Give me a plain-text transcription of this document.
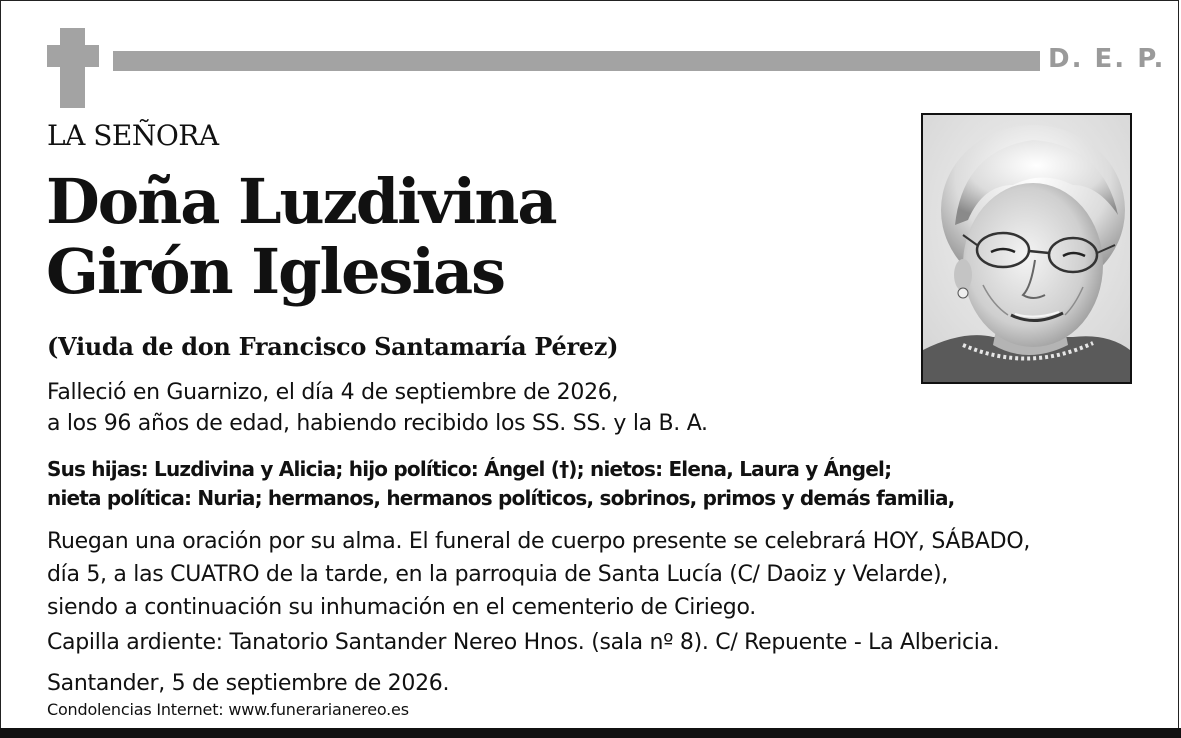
D. E. P.
LA SEÑORA
Doña Luzdivina
Girón Iglesias
(Viuda de don Francisco Santamaría Pérez)
Falleció en Guarnizo, el día 4 de septiembre de 2026,
a los 96 años de edad, habiendo recibido los SS. SS. y la B. A.
Sus hijas: Luzdivina y Alicia; hijo político: Ángel (†); nietos: Elena, Laura y Ángel;
nieta política: Nuria; hermanos, hermanos políticos, sobrinos, primos y demás familia,
Ruegan una oración por su alma. El funeral de cuerpo presente se celebrará HOY, SÁBADO,
día 5, a las CUATRO de la tarde, en la parroquia de Santa Lucía (C/ Daoiz y Velarde),
siendo a continuación su inhumación en el cementerio de Ciriego.
Capilla ardiente: Tanatorio Santander Nereo Hnos. (sala nº 8). C/ Repuente - La Albericia.
Santander, 5 de septiembre de 2026.
Condolencias Internet: www.funerarianereo.es
